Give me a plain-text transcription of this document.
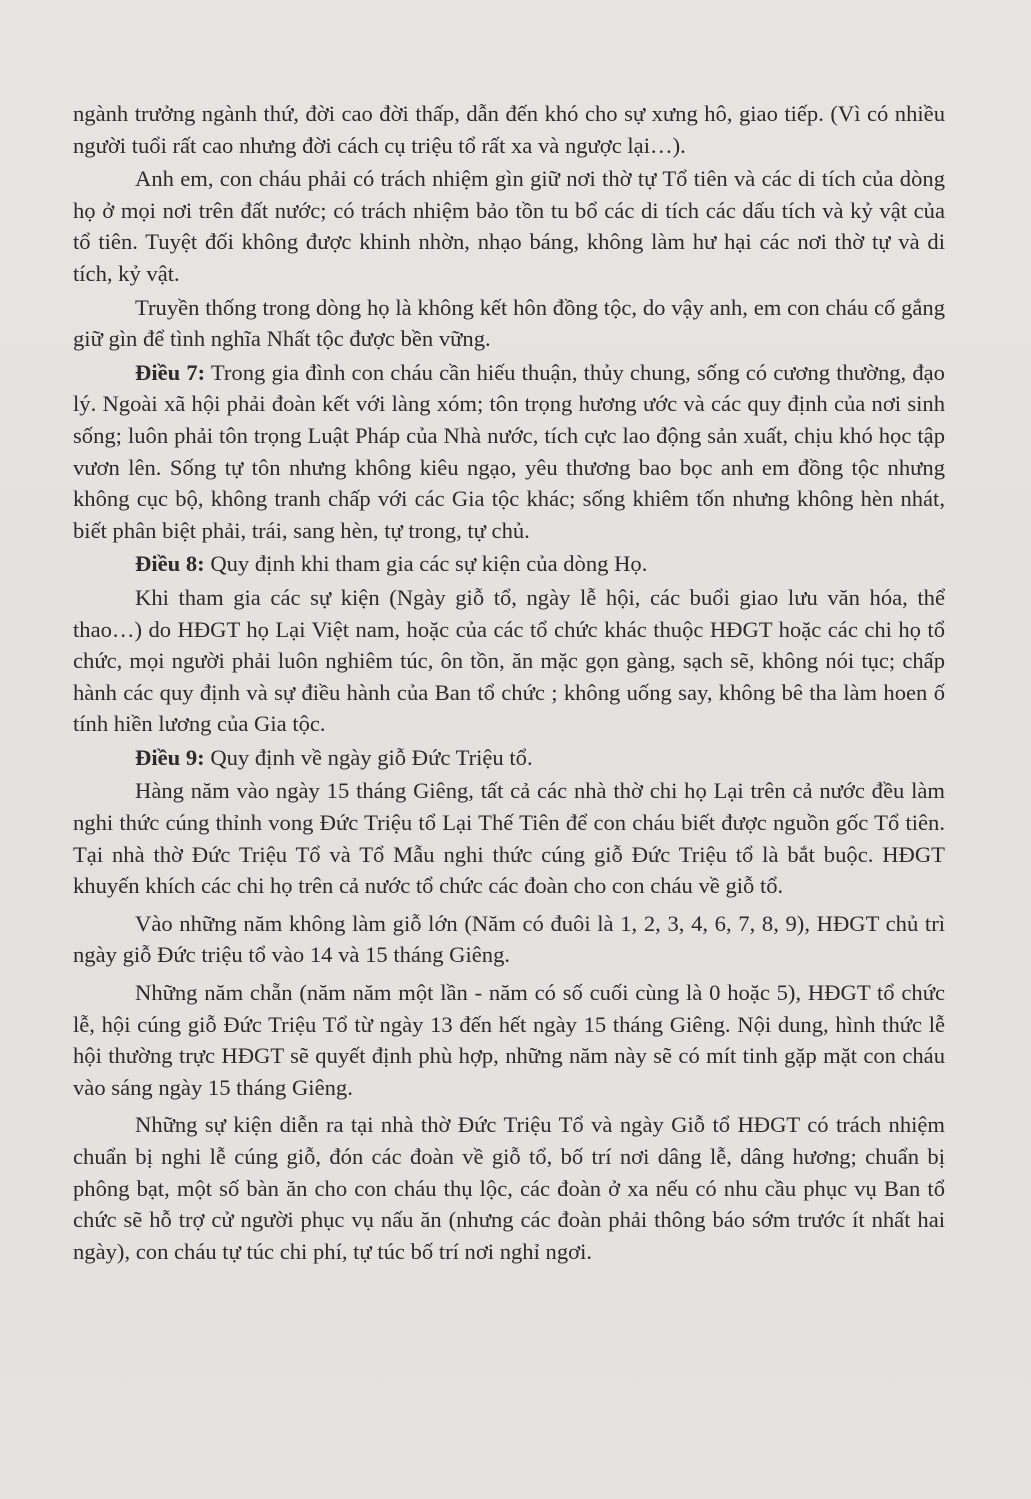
ngành trưởng ngành thứ, đời cao đời thấp, dẫn đến khó cho sự xưng hô, giao tiếp. (Vì có nhiều người tuổi rất cao nhưng đời cách cụ triệu tổ rất xa và ngược lại…).

Anh em, con cháu phải có trách nhiệm gìn giữ nơi thờ tự Tổ tiên và các di tích của dòng họ ở mọi nơi trên đất nước; có trách nhiệm bảo tồn tu bổ các di tích các dấu tích và kỷ vật của tổ tiên. Tuyệt đối không được khinh nhờn, nhạo báng, không làm hư hại các nơi thờ tự và di tích, kỷ vật.

Truyền thống trong dòng họ là không kết hôn đồng tộc, do vậy anh, em con cháu cố gắng giữ gìn để tình nghĩa Nhất tộc được bền vững.

Điều 7: Trong gia đình con cháu cần hiếu thuận, thủy chung, sống có cương thường, đạo lý. Ngoài xã hội phải đoàn kết với làng xóm; tôn trọng hương ước và các quy định của nơi sinh sống; luôn phải tôn trọng Luật Pháp của Nhà nước, tích cực lao động sản xuất, chịu khó học tập vươn lên. Sống tự tôn nhưng không kiêu ngạo, yêu thương bao bọc anh em đồng tộc nhưng không cục bộ, không tranh chấp với các Gia tộc khác; sống khiêm tốn nhưng không hèn nhát, biết phân biệt phải, trái, sang hèn, tự trong, tự chủ.

Điều 8: Quy định khi tham gia các sự kiện của dòng Họ.

Khi tham gia các sự kiện (Ngày giỗ tổ, ngày lễ hội, các buổi giao lưu văn hóa, thể thao…) do HĐGT họ Lại Việt nam, hoặc của các tổ chức khác thuộc HĐGT hoặc các chi họ tổ chức, mọi người phải luôn nghiêm túc, ôn tồn, ăn mặc gọn gàng, sạch sẽ, không nói tục; chấp hành các quy định và sự điều hành của Ban tổ chức ; không uống say, không bê tha làm hoen ố tính hiền lương của Gia tộc.

Điều 9: Quy định về ngày giỗ Đức Triệu tổ.

Hàng năm vào ngày 15 tháng Giêng, tất cả các nhà thờ chi họ Lại trên cả nước đều làm nghi thức cúng thỉnh vong Đức Triệu tổ Lại Thế Tiên để con cháu biết được nguồn gốc Tổ tiên. Tại nhà thờ Đức Triệu Tổ và Tổ Mẫu nghi thức cúng giỗ Đức Triệu tổ là bắt buộc. HĐGT khuyến khích các chi họ trên cả nước tổ chức các đoàn cho con cháu về giỗ tổ.

Vào những năm không làm giỗ lớn (Năm có đuôi là 1, 2, 3, 4, 6, 7, 8, 9), HĐGT chủ trì ngày giỗ Đức triệu tổ vào 14 và 15 tháng Giêng.

Những năm chẵn (năm năm một lần - năm có số cuối cùng là 0 hoặc 5), HĐGT tổ chức lễ, hội cúng giỗ Đức Triệu Tổ từ ngày 13 đến hết ngày 15 tháng Giêng. Nội dung, hình thức lễ hội thường trực HĐGT sẽ quyết định phù hợp, những năm này sẽ có mít tinh gặp mặt con cháu vào sáng ngày 15 tháng Giêng.

Những sự kiện diễn ra tại nhà thờ Đức Triệu Tổ và ngày Giỗ tổ HĐGT có trách nhiệm chuẩn bị nghi lễ cúng giỗ, đón các đoàn về giỗ tổ, bố trí nơi dâng lễ, dâng hương; chuẩn bị phông bạt, một số bàn ăn cho con cháu thụ lộc, các đoàn ở xa nếu có nhu cầu phục vụ Ban tổ chức sẽ hỗ trợ cử người phục vụ nấu ăn (nhưng các đoàn phải thông báo sớm trước ít nhất hai ngày), con cháu tự túc chi phí, tự túc bố trí nơi nghỉ ngơi.
